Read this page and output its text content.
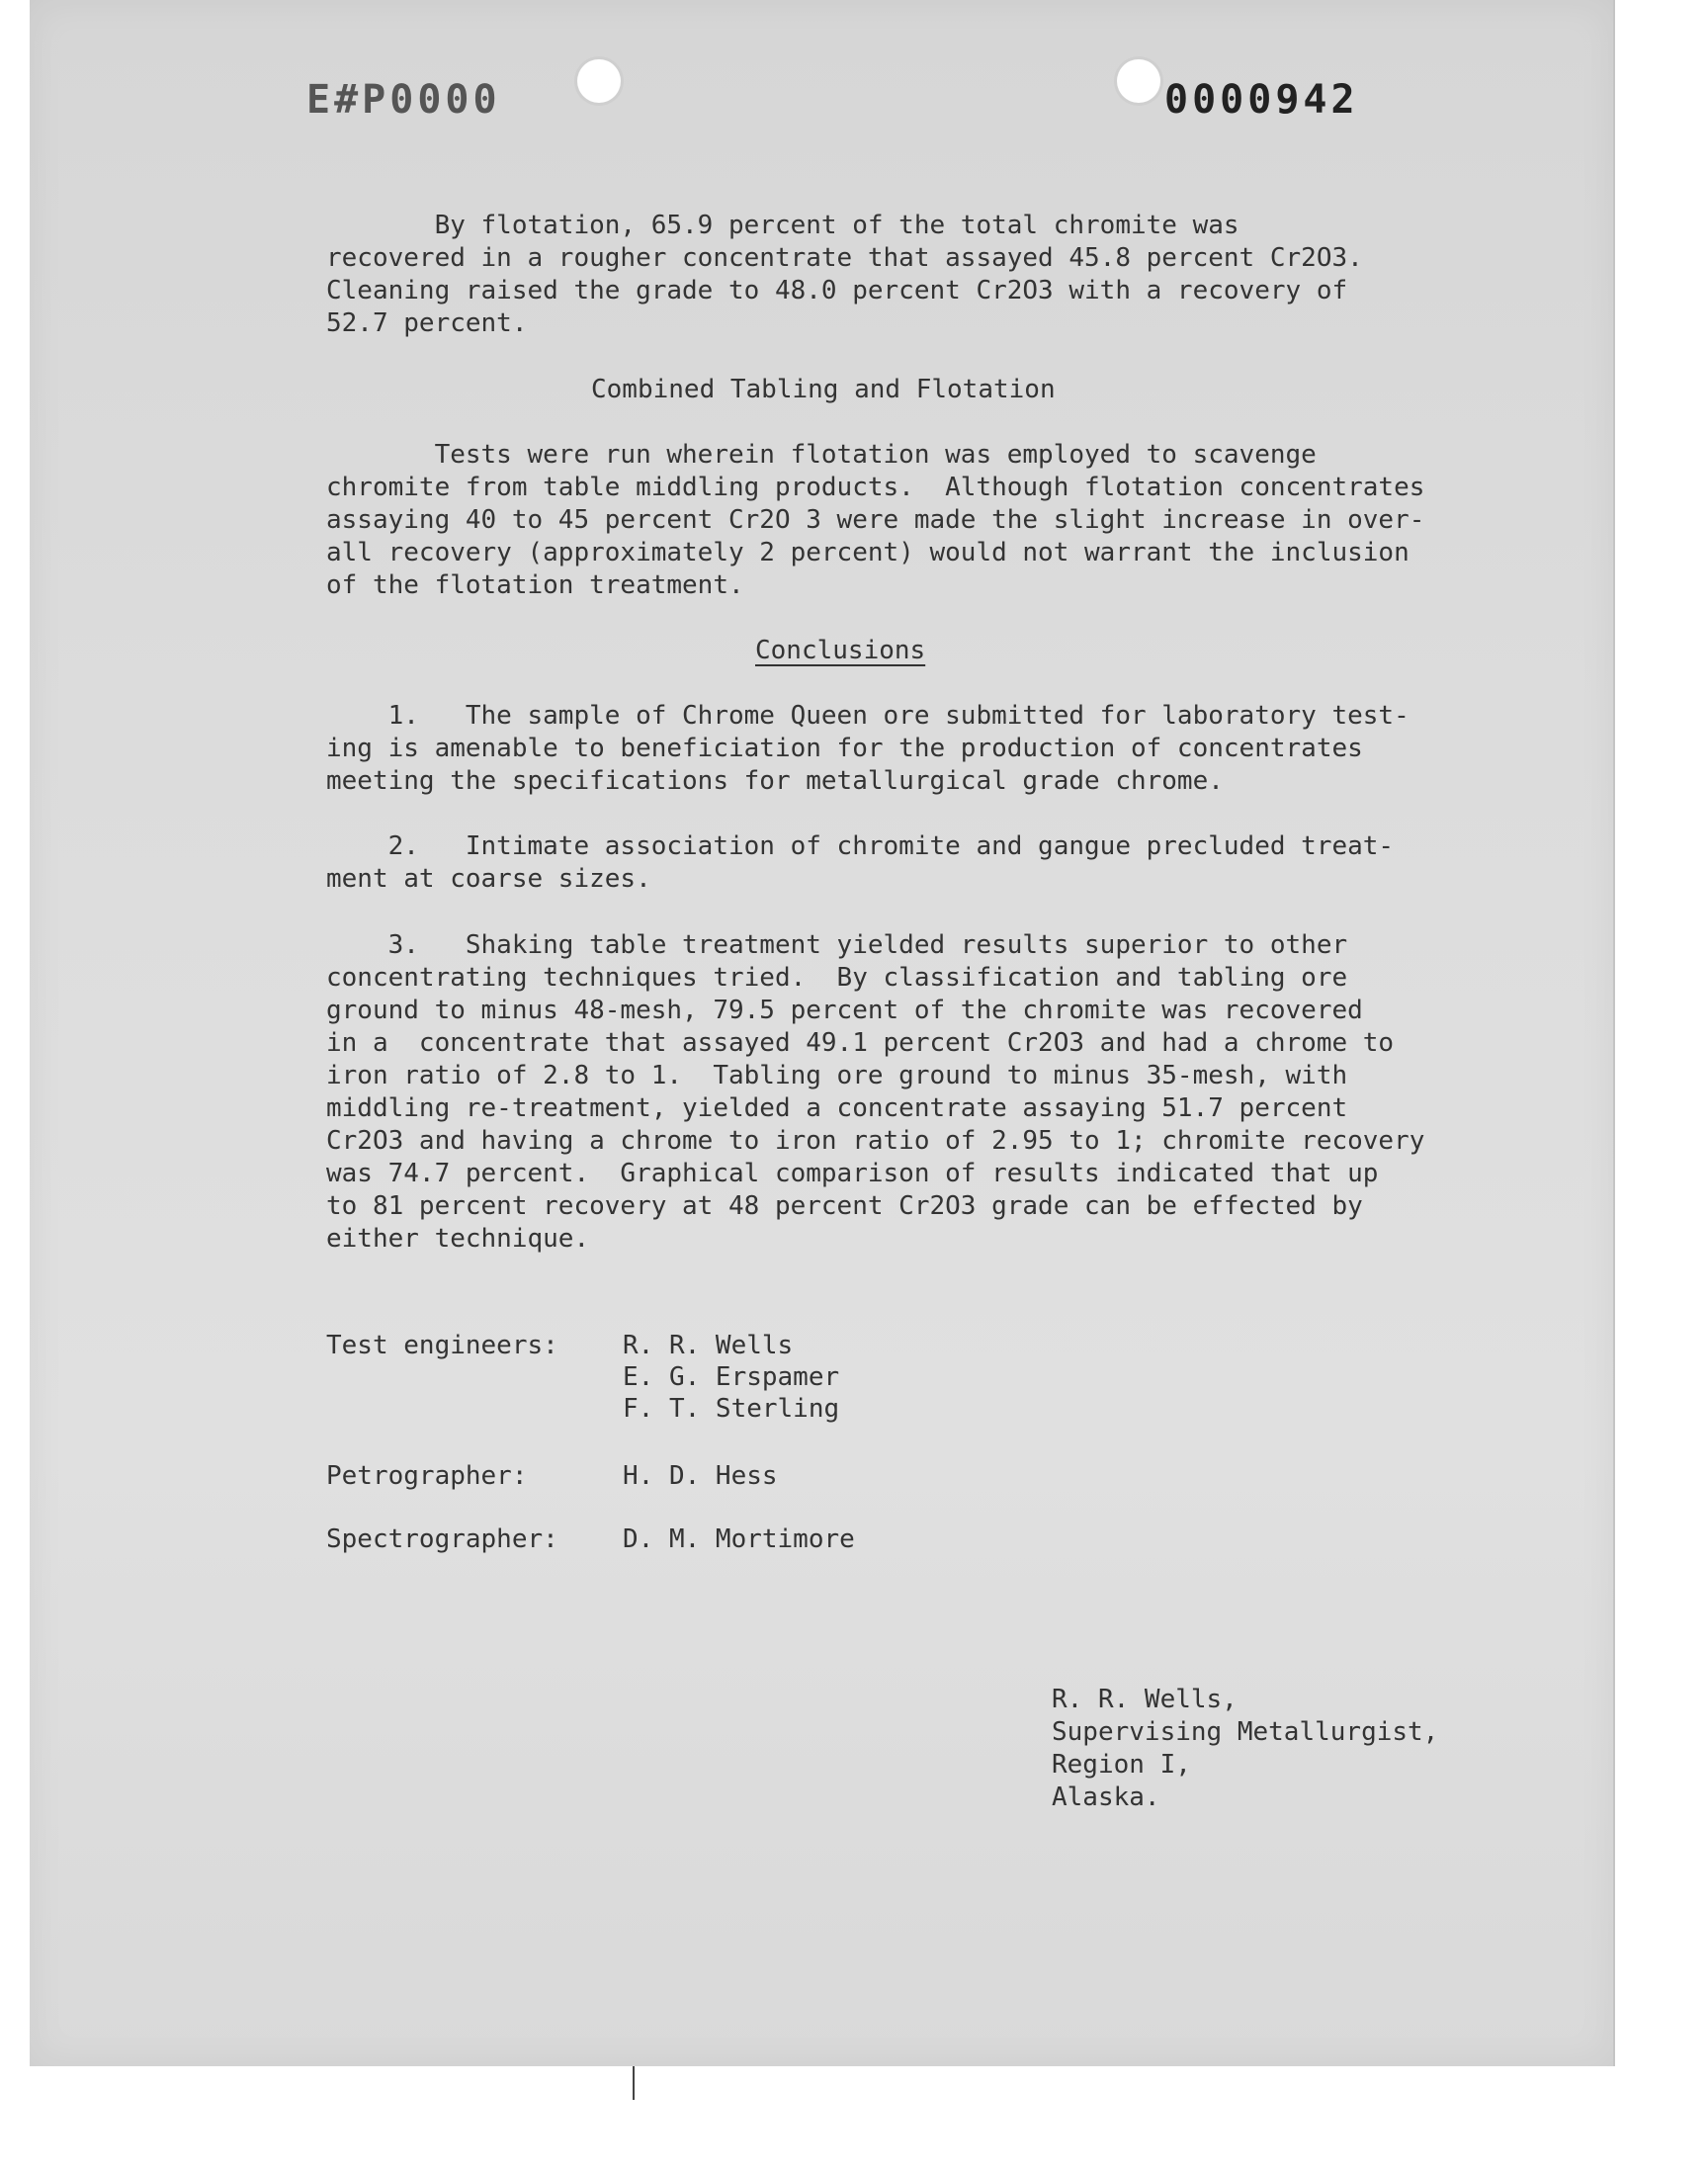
E#P0000	0000942
By flotation, 65.9 percent of the total chromite was
recovered in a rougher concentrate that assayed 45.8 percent Cr2O3.
Cleaning raised the grade to 48.0 percent Cr2O3 with a recovery of
52.7 percent.
Combined Tabling and Flotation
Tests were run wherein flotation was employed to scavenge
chromite from table middling products.  Although flotation concentrates
assaying 40 to 45 percent Cr2O 3 were made the slight increase in over-
all recovery (approximately 2 percent) would not warrant the inclusion
of the flotation treatment.
Conclusions
1.   The sample of Chrome Queen ore submitted for laboratory test-
ing is amenable to beneficiation for the production of concentrates
meeting the specifications for metallurgical grade chrome.
2.   Intimate association of chromite and gangue precluded treat-
ment at coarse sizes.
3.   Shaking table treatment yielded results superior to other
concentrating techniques tried.  By classification and tabling ore
ground to minus 48-mesh, 79.5 percent of the chromite was recovered
in a  concentrate that assayed 49.1 percent Cr2O3 and had a chrome to
iron ratio of 2.8 to 1.  Tabling ore ground to minus 35-mesh, with
middling re-treatment, yielded a concentrate assaying 51.7 percent
Cr2O3 and having a chrome to iron ratio of 2.95 to 1; chromite recovery
was 74.7 percent.  Graphical comparison of results indicated that up
to 81 percent recovery at 48 percent Cr2O3 grade can be effected by
either technique.
Test engineers:	R. R. Wells
E. G. Erspamer
F. T. Sterling
Petrographer:	H. D. Hess
Spectrographer:	D. M. Mortimore
R. R. Wells,
Supervising Metallurgist,
Region I,
Alaska.
